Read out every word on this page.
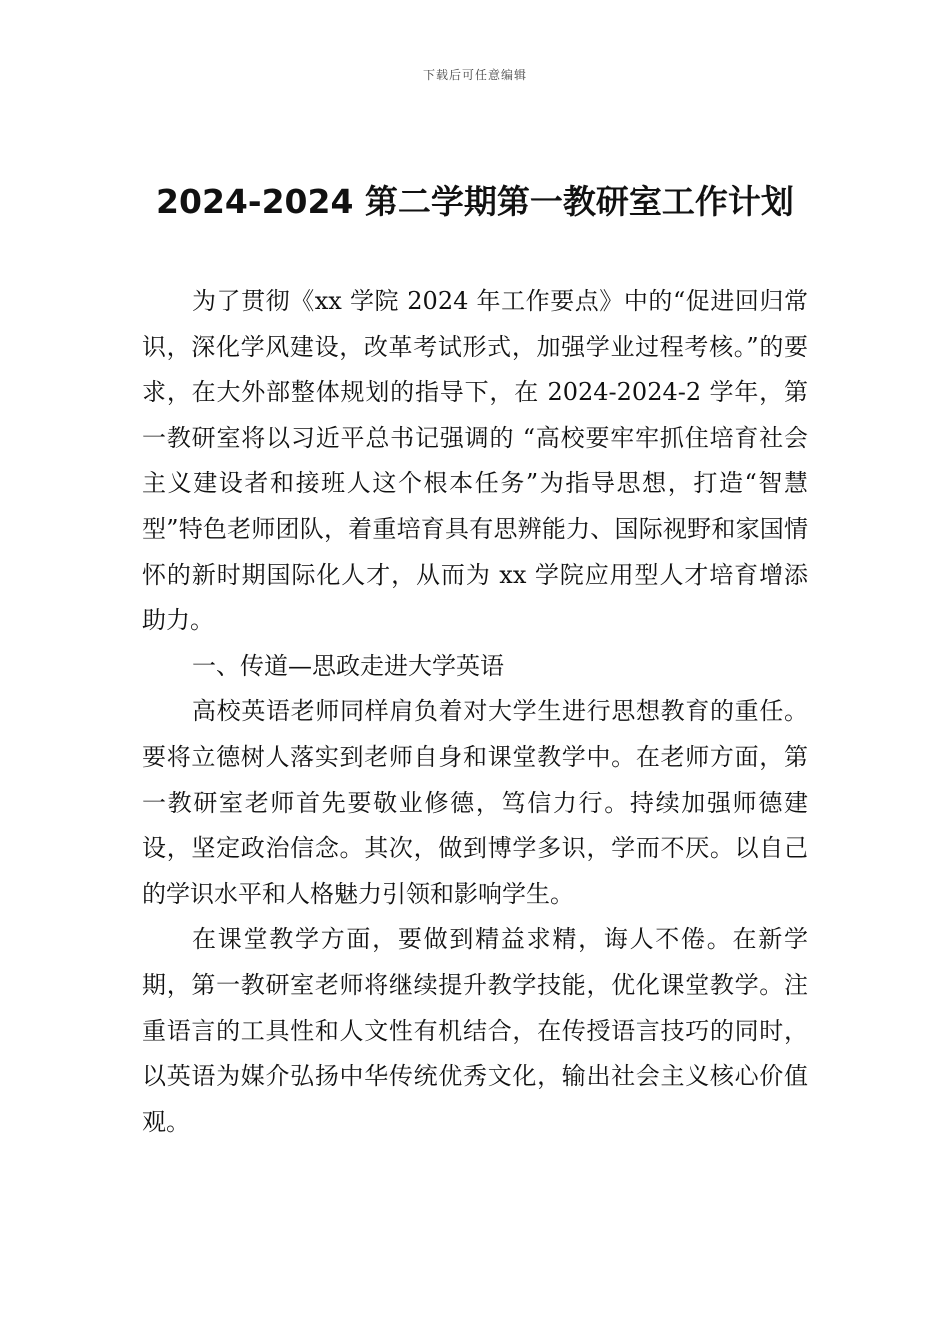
下载后可任意编辑
2024-2024 第二学期第一教研室工作计划

为了贯彻《xx 学院 2024 年工作要点》中的“促进回归常识，深化学风建设，改革考试形式，加强学业过程考核。”的要求，在大外部整体规划的指导下，在 2024-2024-2 学年，第一教研室将以习近平总书记强调的 “高校要牢牢抓住培育社会主义建设者和接班人这个根本任务”为指导思想，打造“智慧型”特色老师团队，着重培育具有思辨能力、国际视野和家国情怀的新时期国际化人才，从而为 xx 学院应用型人才培育增添助力。

一、传道—思政走进大学英语

高校英语老师同样肩负着对大学生进行思想教育的重任。要将立德树人落实到老师自身和课堂教学中。在老师方面，第一教研室老师首先要敬业修德，笃信力行。持续加强师德建设，坚定政治信念。其次，做到博学多识，学而不厌。以自己的学识水平和人格魅力引领和影响学生。

在课堂教学方面，要做到精益求精，诲人不倦。在新学期，第一教研室老师将继续提升教学技能，优化课堂教学。注重语言的工具性和人文性有机结合，在传授语言技巧的同时，以英语为媒介弘扬中华传统优秀文化，输出社会主义核心价值观。
